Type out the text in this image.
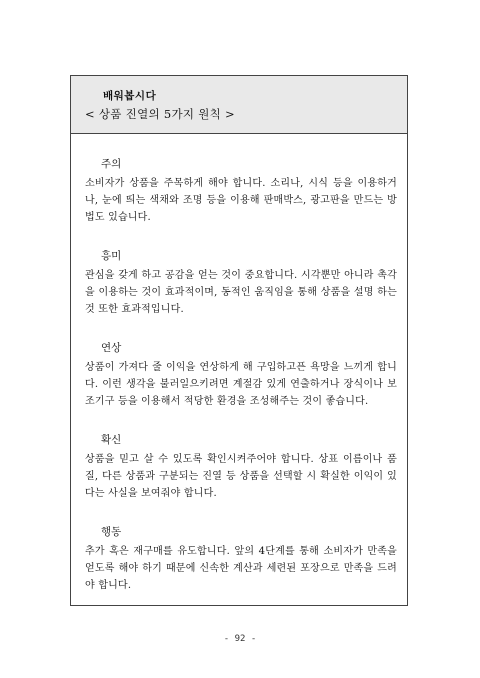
배워봅시다
< 상품 진열의 5가지 원칙 >
주의
소비자가 상품을 주목하게 해야 합니다. 소리나, 시식 등을 이용하거나, 눈에 띄는 색채와 조명 등을 이용해 판매박스, 광고판을 만드는 방법도 있습니다.
흥미
관심을 갖게 하고 공감을 얻는 것이 중요합니다. 시각뿐만 아니라 촉각을 이용하는 것이 효과적이며, 동적인 움직임을 통해 상품을 설명 하는 것 또한 효과적입니다.
연상
상품이 가져다 줄 이익을 연상하게 해 구입하고픈 욕망을 느끼게 합니다. 이런 생각을 불러일으키려면 계절감 있게 연출하거나 장식이나 보조기구 등을 이용해서 적당한 환경을 조성해주는 것이 좋습니다.
확신
상품을 믿고 살 수 있도록 확인시켜주어야 합니다. 상표 이름이나 품질, 다른 상품과 구분되는 진열 등 상품을 선택할 시 확실한 이익이 있다는 사실을 보여줘야 합니다.
행동
추가 혹은 재구매를 유도합니다. 앞의 4단계를 통해 소비자가 만족을 얻도록 해야 하기 때문에 신속한 계산과 세련된 포장으로 만족을 드려야 합니다.
- 92 -
